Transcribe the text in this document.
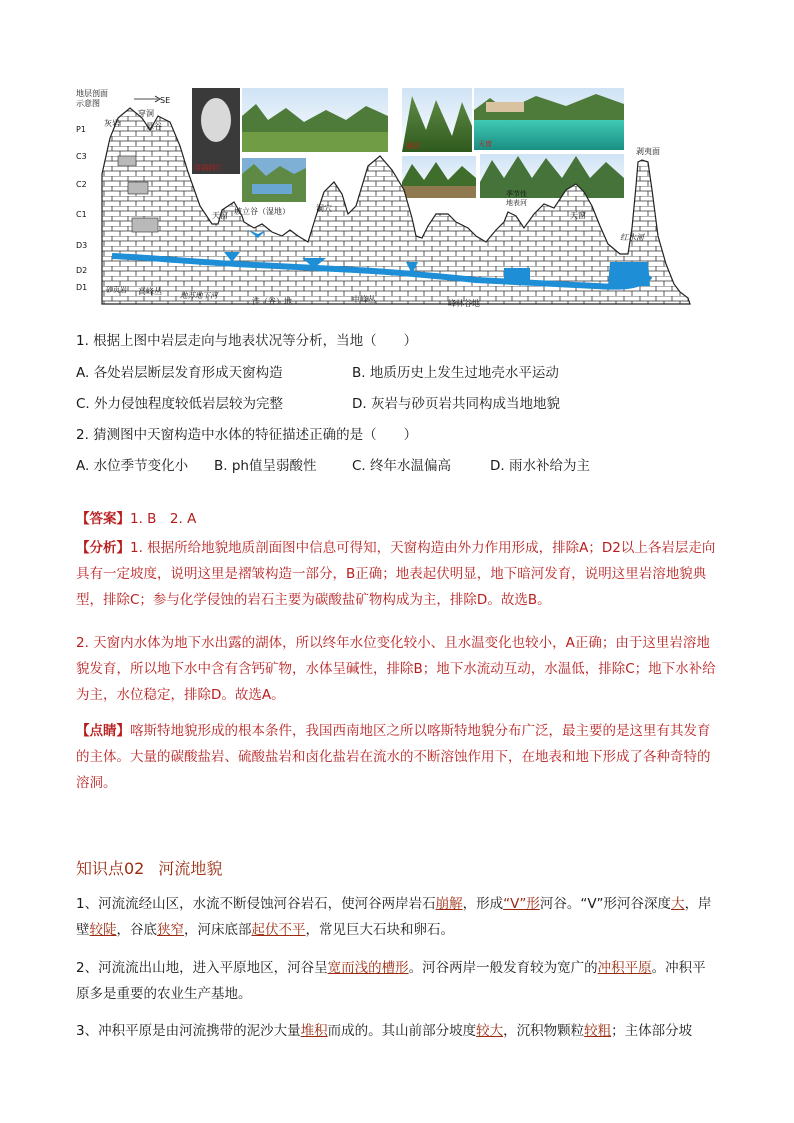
地层剖面
示意图	SE
P1
C3
C2
C1
D3
D2
D1
穿洞洞穴
悬谷	天窗
灰岩
穿洞
悬谷
天窗 坡立谷（湿地）	洞穴
季节性
地表河
天窗
剥夷面
红水河
砂页岩 高峰丛 地苏地下河
洼（谷）地	中峰丛	峰林谷地
1. 根据上图中岩层走向与地表状况等分析，当地（　　）
A. 各处岩层断层发育形成天窗构造	B. 地质历史上发生过地壳水平运动
C. 外力侵蚀程度较低岩层较为完整	D. 灰岩与砂页岩共同构成当地地貌
2. 猜测图中天窗构造中水体的特征描述正确的是（　　）
A. 水位季节变化小 B. ph值呈弱酸性	C. 终年水温偏高	D. 雨水补给为主
【答案】1. B　2. A
【分析】1. 根据所给地貌地质剖面图中信息可得知，天窗构造由外力作用形成，排除A；D2以上各岩层走向具有一定坡度，说明这里是褶皱构造一部分，B正确；地表起伏明显，地下暗河发育，说明这里岩溶地貌典型，排除C；参与化学侵蚀的岩石主要为碳酸盐矿物构成为主，排除D。故选B。
2. 天窗内水体为地下水出露的湖体，所以终年水位变化较小、且水温变化也较小，A正确；由于这里岩溶地貌发育，所以地下水中含有含钙矿物，水体呈碱性，排除B；地下水流动互动，水温低，排除C；地下水补给为主，水位稳定，排除D。故选A。
【点睛】喀斯特地貌形成的根本条件，我国西南地区之所以喀斯特地貌分布广泛，最主要的是这里有其发育的主体。大量的碳酸盐岩、硫酸盐岩和卤化盐岩在流水的不断溶蚀作用下，在地表和地下形成了各种奇特的溶洞。
知识点02 河流地貌
1、河流流经山区，水流不断侵蚀河谷岩石，使河谷两岸岩石崩解，形成“V”形河谷。“V”形河谷深度大，岸壁较陡，谷底狭窄，河床底部起伏不平，常见巨大石块和卵石。
2、河流流出山地，进入平原地区，河谷呈宽而浅的槽形。河谷两岸一般发育较为宽广的冲积平原。冲积平原多是重要的农业生产基地。
3、冲积平原是由河流携带的泥沙大量堆积而成的。其山前部分坡度较大，沉积物颗粒较粗；主体部分坡
